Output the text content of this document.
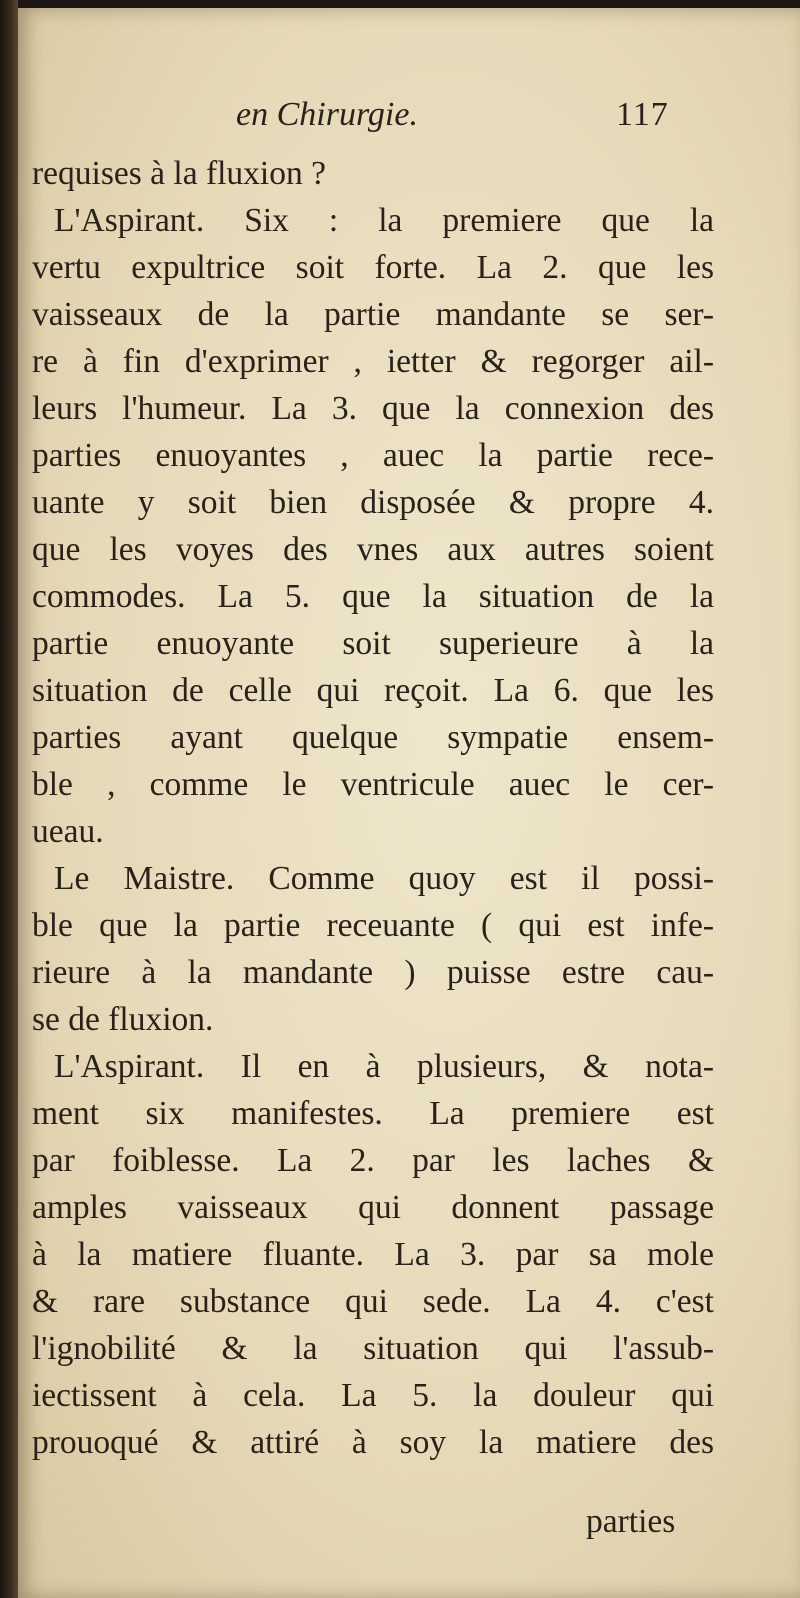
en Chirurgie.	117
requises à la fluxion ?
L'Aspirant. Six : la premiere que la
vertu expultrice soit forte. La 2. que les
vaisseaux de la partie mandante se ser-
re à fin d'exprimer , ietter & regorger ail-
leurs l'humeur. La 3. que la connexion des
parties enuoyantes , auec la partie rece-
uante y soit bien disposée & propre 4.
que les voyes des vnes aux autres soient
commodes. La 5. que la situation de la
partie enuoyante soit superieure à la
situation de celle qui reçoit. La 6. que les
parties ayant quelque sympatie ensem-
ble , comme le ventricule auec le cer-
ueau.
Le Maistre. Comme quoy est il possi-
ble que la partie receuante ( qui est infe-
rieure à la mandante ) puisse estre cau-
se de fluxion.
L'Aspirant. Il en à plusieurs, & nota-
ment six manifestes. La premiere est
par foiblesse. La 2. par les laches &
amples vaisseaux qui donnent passage
à la matiere fluante. La 3. par sa mole
& rare substance qui sede. La 4. c'est
l'ignobilité & la situation qui l'assub-
iectissent à cela. La 5. la douleur qui
prouoqué & attiré à soy la matiere des
parties
